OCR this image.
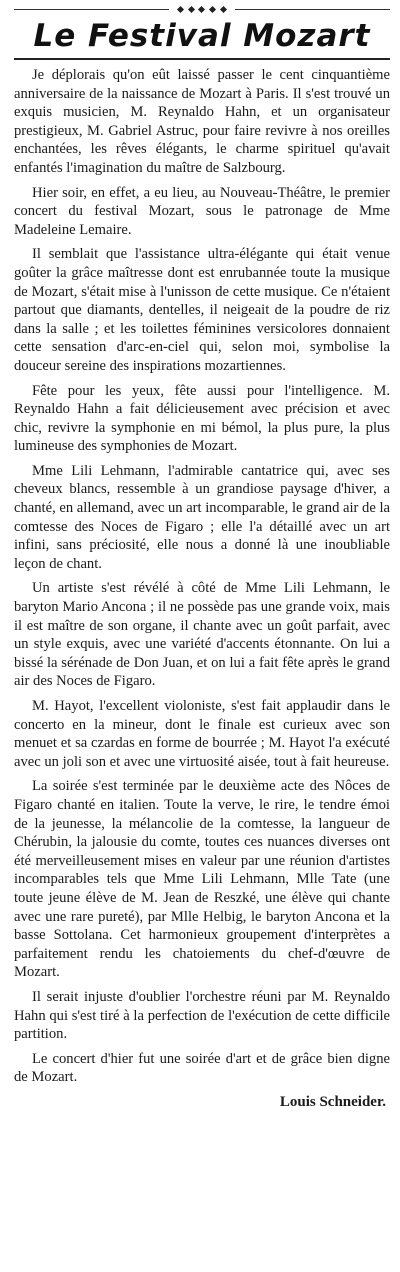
Le Festival Mozart

Je déplorais qu'on eût laissé passer le cent cinquantième anniversaire de la naissance de Mozart à Paris. Il s'est trouvé un exquis musicien, M. Reynaldo Hahn, et un organisateur prestigieux, M. Gabriel Astruc, pour faire revivre à nos oreilles enchantées, les rêves élégants, le charme spirituel qu'avait enfantés l'imagination du maître de Salzbourg.

Hier soir, en effet, a eu lieu, au Nouveau-Théâtre, le premier concert du festival Mozart, sous le patronage de Mme Madeleine Lemaire.

Il semblait que l'assistance ultra-élégante qui était venue goûter la grâce maîtresse dont est enrubannée toute la musique de Mozart, s'était mise à l'unisson de cette musique. Ce n'étaient partout que diamants, dentelles, il neigeait de la poudre de riz dans la salle ; et les toilettes féminines versicolores donnaient cette sensation d'arc-en-ciel qui, selon moi, symbolise la douceur sereine des inspirations mozartiennes.

Fête pour les yeux, fête aussi pour l'intelligence. M. Reynaldo Hahn a fait délicieusement avec précision et avec chic, revivre la symphonie en mi bémol, la plus pure, la plus lumineuse des symphonies de Mozart.

Mme Lili Lehmann, l'admirable cantatrice qui, avec ses cheveux blancs, ressemble à un grandiose paysage d'hiver, a chanté, en allemand, avec un art incomparable, le grand air de la comtesse des Noces de Figaro ; elle l'a détaillé avec un art infini, sans préciosité, elle nous a donné là une inoubliable leçon de chant.

Un artiste s'est révélé à côté de Mme Lili Lehmann, le baryton Mario Ancona ; il ne possède pas une grande voix, mais il est maître de son organe, il chante avec un goût parfait, avec un style exquis, avec une variété d'accents étonnante. On lui a bissé la sérénade de Don Juan, et on lui a fait fête après le grand air des Noces de Figaro.

M. Hayot, l'excellent violoniste, s'est fait applaudir dans le concerto en la mineur, dont le finale est curieux avec son menuet et sa czardas en forme de bourrée ; M. Hayot l'a exécuté avec un joli son et avec une virtuosité aisée, tout à fait heureuse.

La soirée s'est terminée par le deuxième acte des Nôces de Figaro chanté en italien. Toute la verve, le rire, le tendre émoi de la jeunesse, la mélancolie de la comtesse, la langueur de Chérubin, la jalousie du comte, toutes ces nuances diverses ont été merveilleusement mises en valeur par une réunion d'artistes incomparables tels que Mme Lili Lehmann, Mlle Tate (une toute jeune élève de M. Jean de Reszké, une élève qui chante avec une rare pureté), par Mlle Helbig, le baryton Ancona et la basse Sottolana. Cet harmonieux groupement d'interprètes a parfaitement rendu les chatoiements du chef-d'œuvre de Mozart.

Il serait injuste d'oublier l'orchestre réuni par M. Reynaldo Hahn qui s'est tiré à la perfection de l'exécution de cette difficile partition.

Le concert d'hier fut une soirée d'art et de grâce bien digne de Mozart.

Louis Schneider.
